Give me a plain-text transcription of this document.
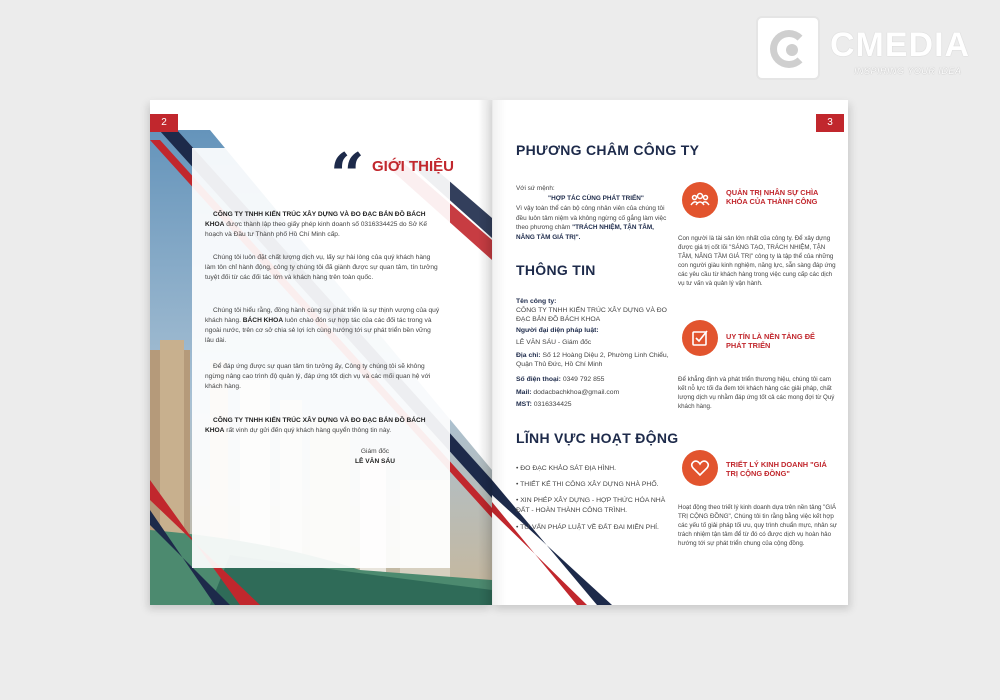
CMEDIA
INSPIRING YOUR IDEA
2
“ GIỚI THIỆU
CÔNG TY TNHH KIẾN TRÚC XÂY DỰNG VÀ ĐO ĐẠC BẢN ĐỒ BÁCH KHOA được thành lập theo giấy phép kinh doanh số 0316334425 do Sở Kế hoạch và Đầu tư Thành phố Hồ Chí Minh cấp.
Chúng tôi luôn đặt chất lượng dịch vụ, lấy sự hài lòng của quý khách hàng làm tôn chỉ hành động, công ty chúng tôi đã giành được sự quan tâm, tín tưởng tuyệt đối từ các đối tác lớn và khách hàng trên toàn quốc.
Chúng tôi hiểu rằng, đồng hành cùng sự phát triển là sự thịnh vượng của quý khách hàng. BÁCH KHOA luôn chào đón sự hợp tác của các đối tác trong và ngoài nước, trên cơ sở chia sẻ lợi ích cùng hướng tới sự phát triển bền vững lâu dài.
Để đáp ứng được sự quan tâm tin tưởng ấy, Công ty chúng tôi sẽ không ngừng nâng cao trình độ quản lý, đáp ứng tốt dịch vụ và các mối quan hệ với khách hàng.
CÔNG TY TNHH KIẾN TRÚC XÂY DỰNG VÀ ĐO ĐẠC BẢN ĐỒ BÁCH KHOA rất vinh dự gửi đến quý khách hàng quyển thông tin này.
Giám đốc
LÊ VĂN SÁU
3
PHƯƠNG CHÂM CÔNG TY
Với sứ mệnh:
"HỢP TÁC CÙNG PHÁT TRIỂN"
Vì vậy toàn thể cán bộ công nhân viên của chúng tôi đều luôn tâm niệm và không ngừng cố gắng làm việc theo phương châm "TRÁCH NHIỆM, TẬN TÂM, NÂNG TẦM GIÁ TRỊ".
THÔNG TIN
Tên công ty:
CÔNG TY TNHH KIẾN TRÚC XÂY DỰNG VÀ ĐO ĐẠC BẢN ĐỒ BÁCH KHOA
Người đại diện pháp luật:
LÊ VĂN SÁU - Giám đốc
Địa chỉ: Số 12 Hoàng Diệu 2, Phường Linh Chiểu, Quận Thủ Đức, Hồ Chí Minh
Số điện thoại: 0349 792 855
Mail: dodacbachkhoa@gmail.com
MST: 0316334425
LĨNH VỰC HOẠT ĐỘNG
• ĐO ĐẠC KHẢO SÁT ĐỊA HÌNH.
• THIẾT KẾ THI CÔNG XÂY DỰNG NHÀ PHỐ.
• XIN PHÉP XÂY DỰNG - HỢP THỨC HÓA NHÀ ĐẤT - HOÀN THÀNH CÔNG TRÌNH.
• TƯ VẤN PHÁP LUẬT VỀ ĐẤT ĐAI MIỄN PHÍ.
QUẢN TRỊ NHÂN SỰ CHÌA KHÓA CỦA THÀNH CÔNG
Con người là tài sản lớn nhất của công ty. Để xây dựng được giá trị cốt lõi "SÁNG TẠO, TRÁCH NHIỆM, TẬN TÂM, NÂNG TẦM GIÁ TRỊ" công ty là tập thể của những con người giàu kinh nghiệm, năng lực, sẵn sàng đáp ứng các yêu cầu từ khách hàng trong việc cung cấp các dịch vụ tư vấn và quản lý vận hành.
UY TÍN LÀ NỀN TẢNG ĐỂ PHÁT TRIỂN
Để khẳng định và phát triển thương hiệu, chúng tôi cam kết nỗ lực tối đa đem tới khách hàng các giải pháp, chất lượng dịch vụ nhằm đáp ứng tốt cả các mong đợi từ Quý khách hàng.
TRIẾT LÝ KINH DOANH "GIÁ TRỊ CỘNG ĐỒNG"
Hoạt động theo triết lý kinh doanh dựa trên nền tảng "GIÁ TRỊ CỘNG ĐỒNG", Chúng tôi tin rằng bằng việc kết hợp các yếu tố giải pháp tối ưu, quy trình chuẩn mực, nhân sự trách nhiệm tận tâm để từ đó có được dịch vụ hoàn hảo hướng tới sự phát triển chung của cộng đồng.
